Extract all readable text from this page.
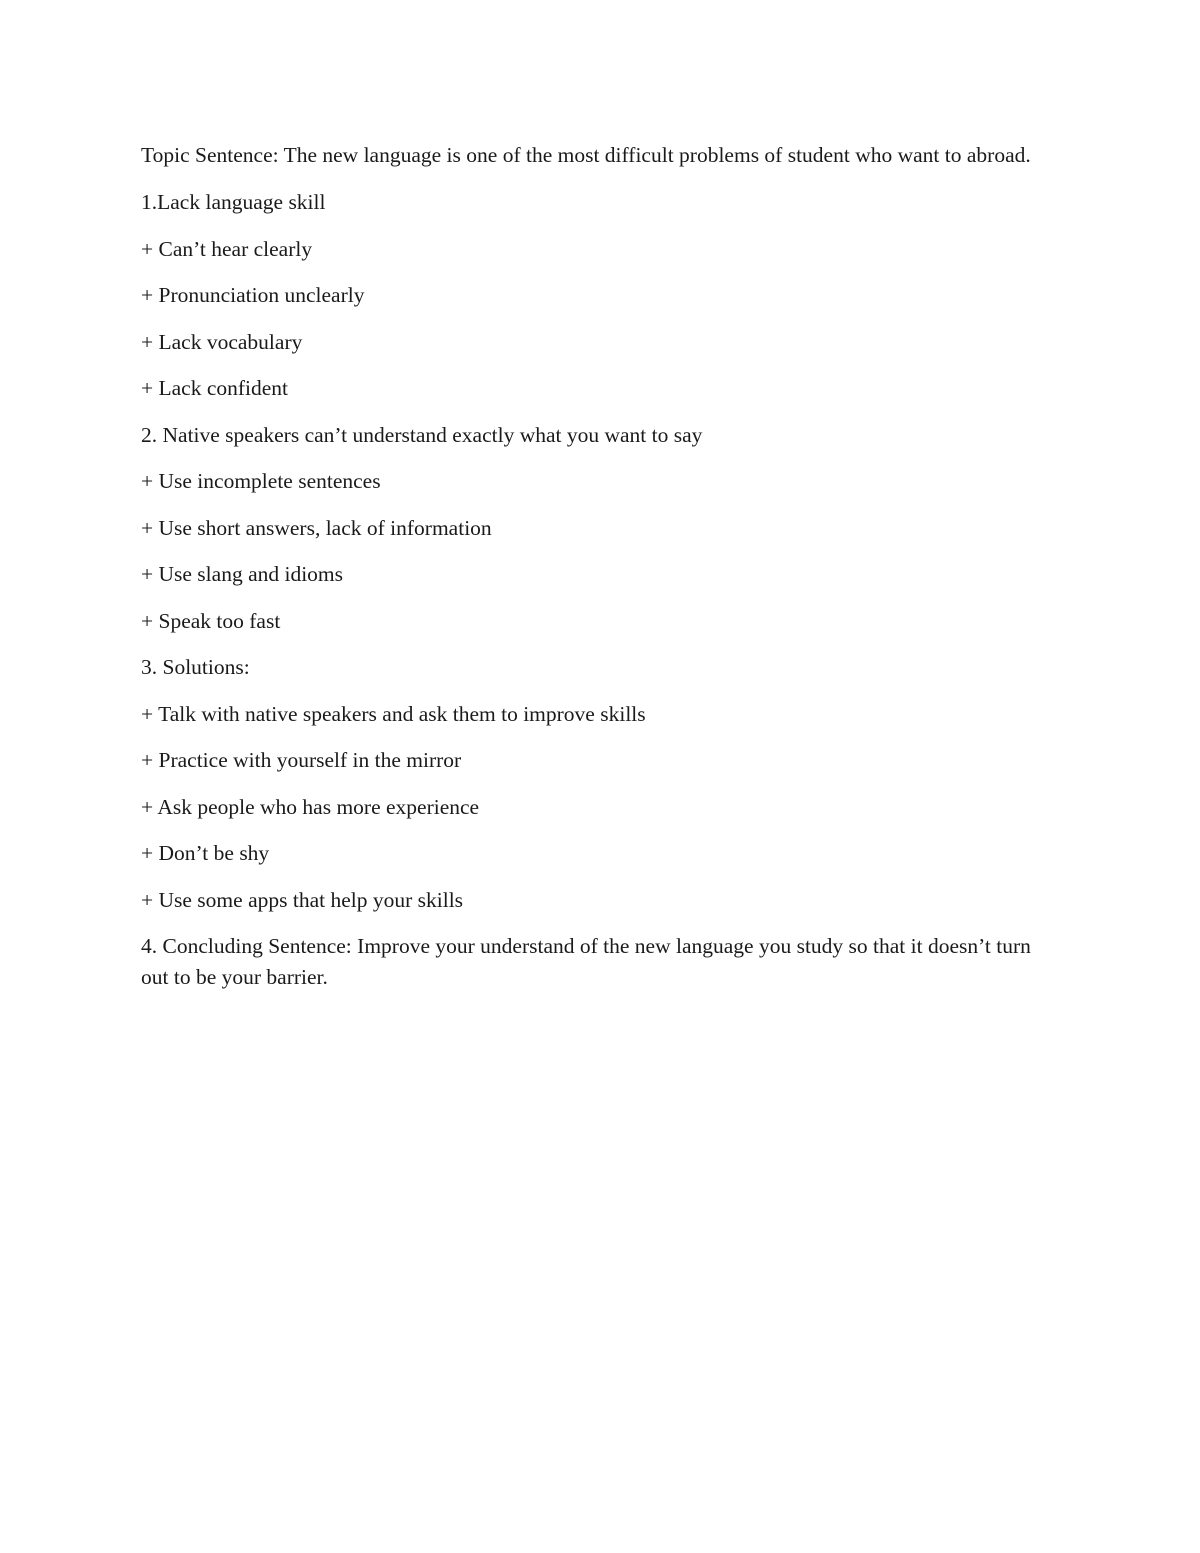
Topic Sentence: The new language is one of the most difficult problems of student who want to abroad.

1.Lack language skill

+ Can’t hear clearly

+ Pronunciation unclearly

+ Lack vocabulary

+ Lack confident

2. Native speakers can’t understand exactly what you want to say

+ Use incomplete sentences

+ Use short answers, lack of information

+ Use slang and idioms

+ Speak too fast

3. Solutions:

+ Talk with native speakers and ask them to improve skills

+ Practice with yourself in the mirror

+ Ask people who has more experience

+ Don’t be shy

+ Use some apps that help your skills

4. Concluding Sentence: Improve your understand of the new language you study so that it doesn’t turn out to be your barrier.
